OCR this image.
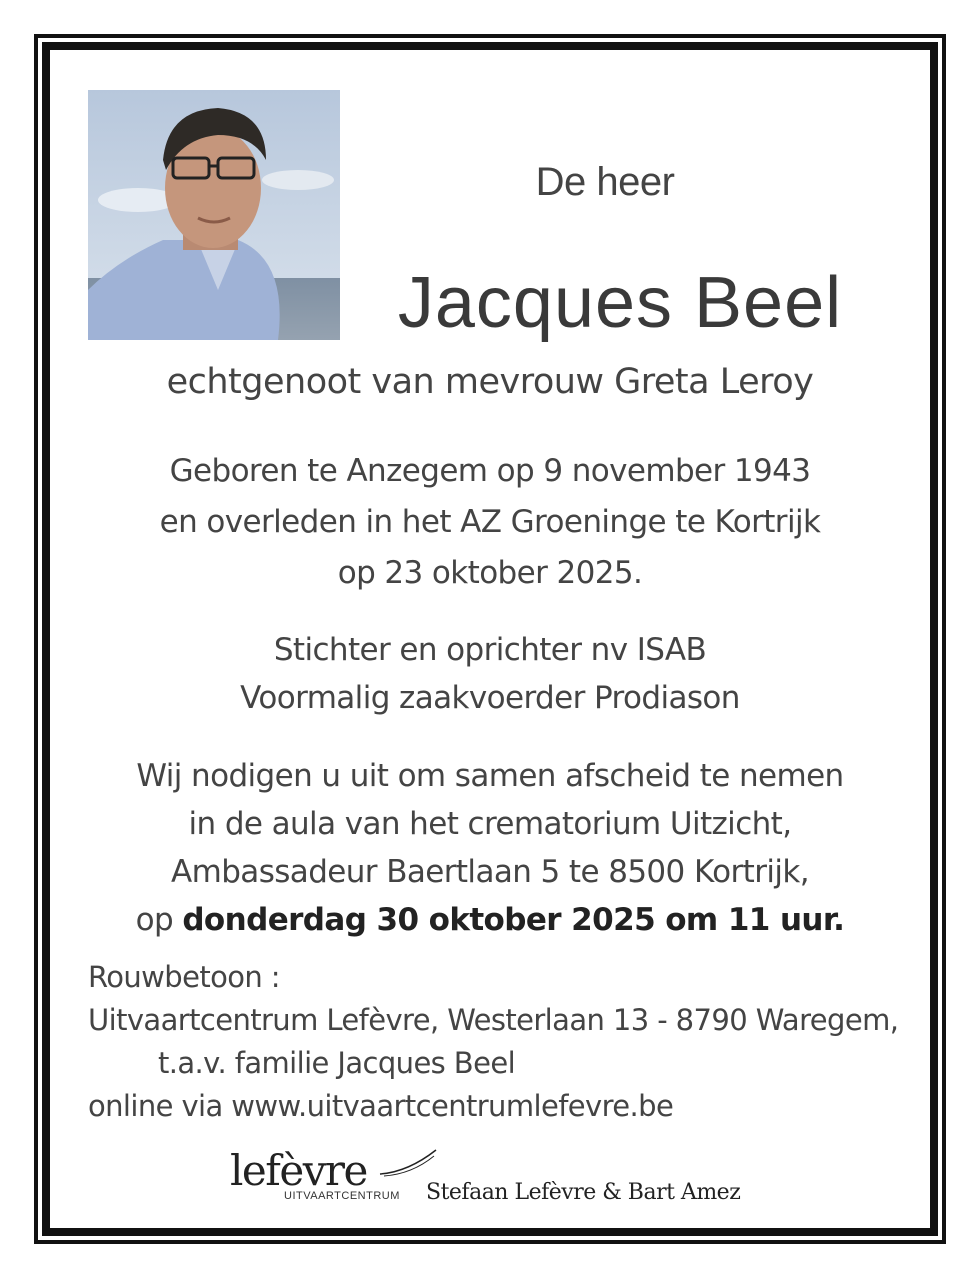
De heer
Jacques Beel
echtgenoot van mevrouw Greta Leroy
Geboren te Anzegem op 9 november 1943
en overleden in het AZ Groeninge te Kortrijk
op 23 oktober 2025.
Stichter en oprichter nv ISAB
Voormalig zaakvoerder Prodiason
Wij nodigen u uit om samen afscheid te nemen
in de aula van het crematorium Uitzicht,
Ambassadeur Baertlaan 5 te 8500 Kortrijk,
op donderdag 30 oktober 2025 om 11 uur.
Rouwbetoon :
Uitvaartcentrum Lefèvre, Westerlaan 13 - 8790 Waregem,
t.a.v. familie Jacques Beel
online via www.uitvaartcentrumlefevre.be
lefèvre
UITVAARTCENTRUM Stefaan Lefèvre & Bart Amez
